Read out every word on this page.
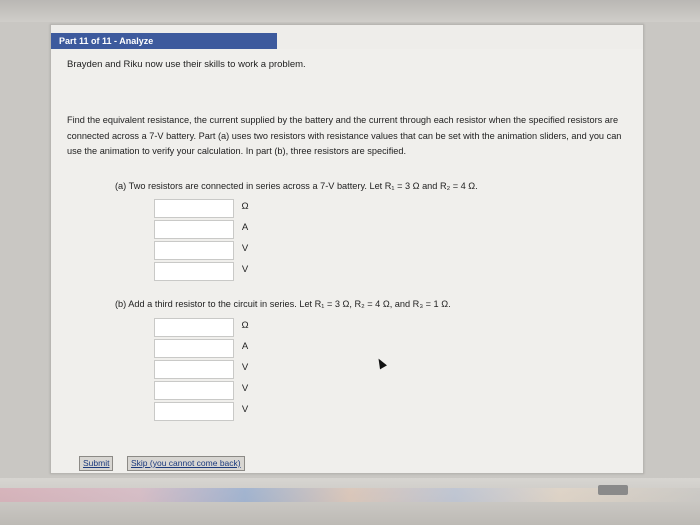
Part 11 of 11 - Analyze
Brayden and Riku now use their skills to work a problem.
Find the equivalent resistance, the current supplied by the battery and the current through each resistor when the specified resistors are connected across a 7-V battery. Part (a) uses two resistors with resistance values that can be set with the animation sliders, and you can use the animation to verify your calculation. In part (b), three resistors are specified.
(a) Two resistors are connected in series across a 7-V battery. Let R₁ = 3 Ω and R₂ = 4 Ω.
Ω
A
V
V
(b) Add a third resistor to the circuit in series. Let R₁ = 3 Ω, R₂ = 4 Ω, and R₃ = 1 Ω.
Ω
A
V
V
V
Submit	Skip (you cannot come back)
